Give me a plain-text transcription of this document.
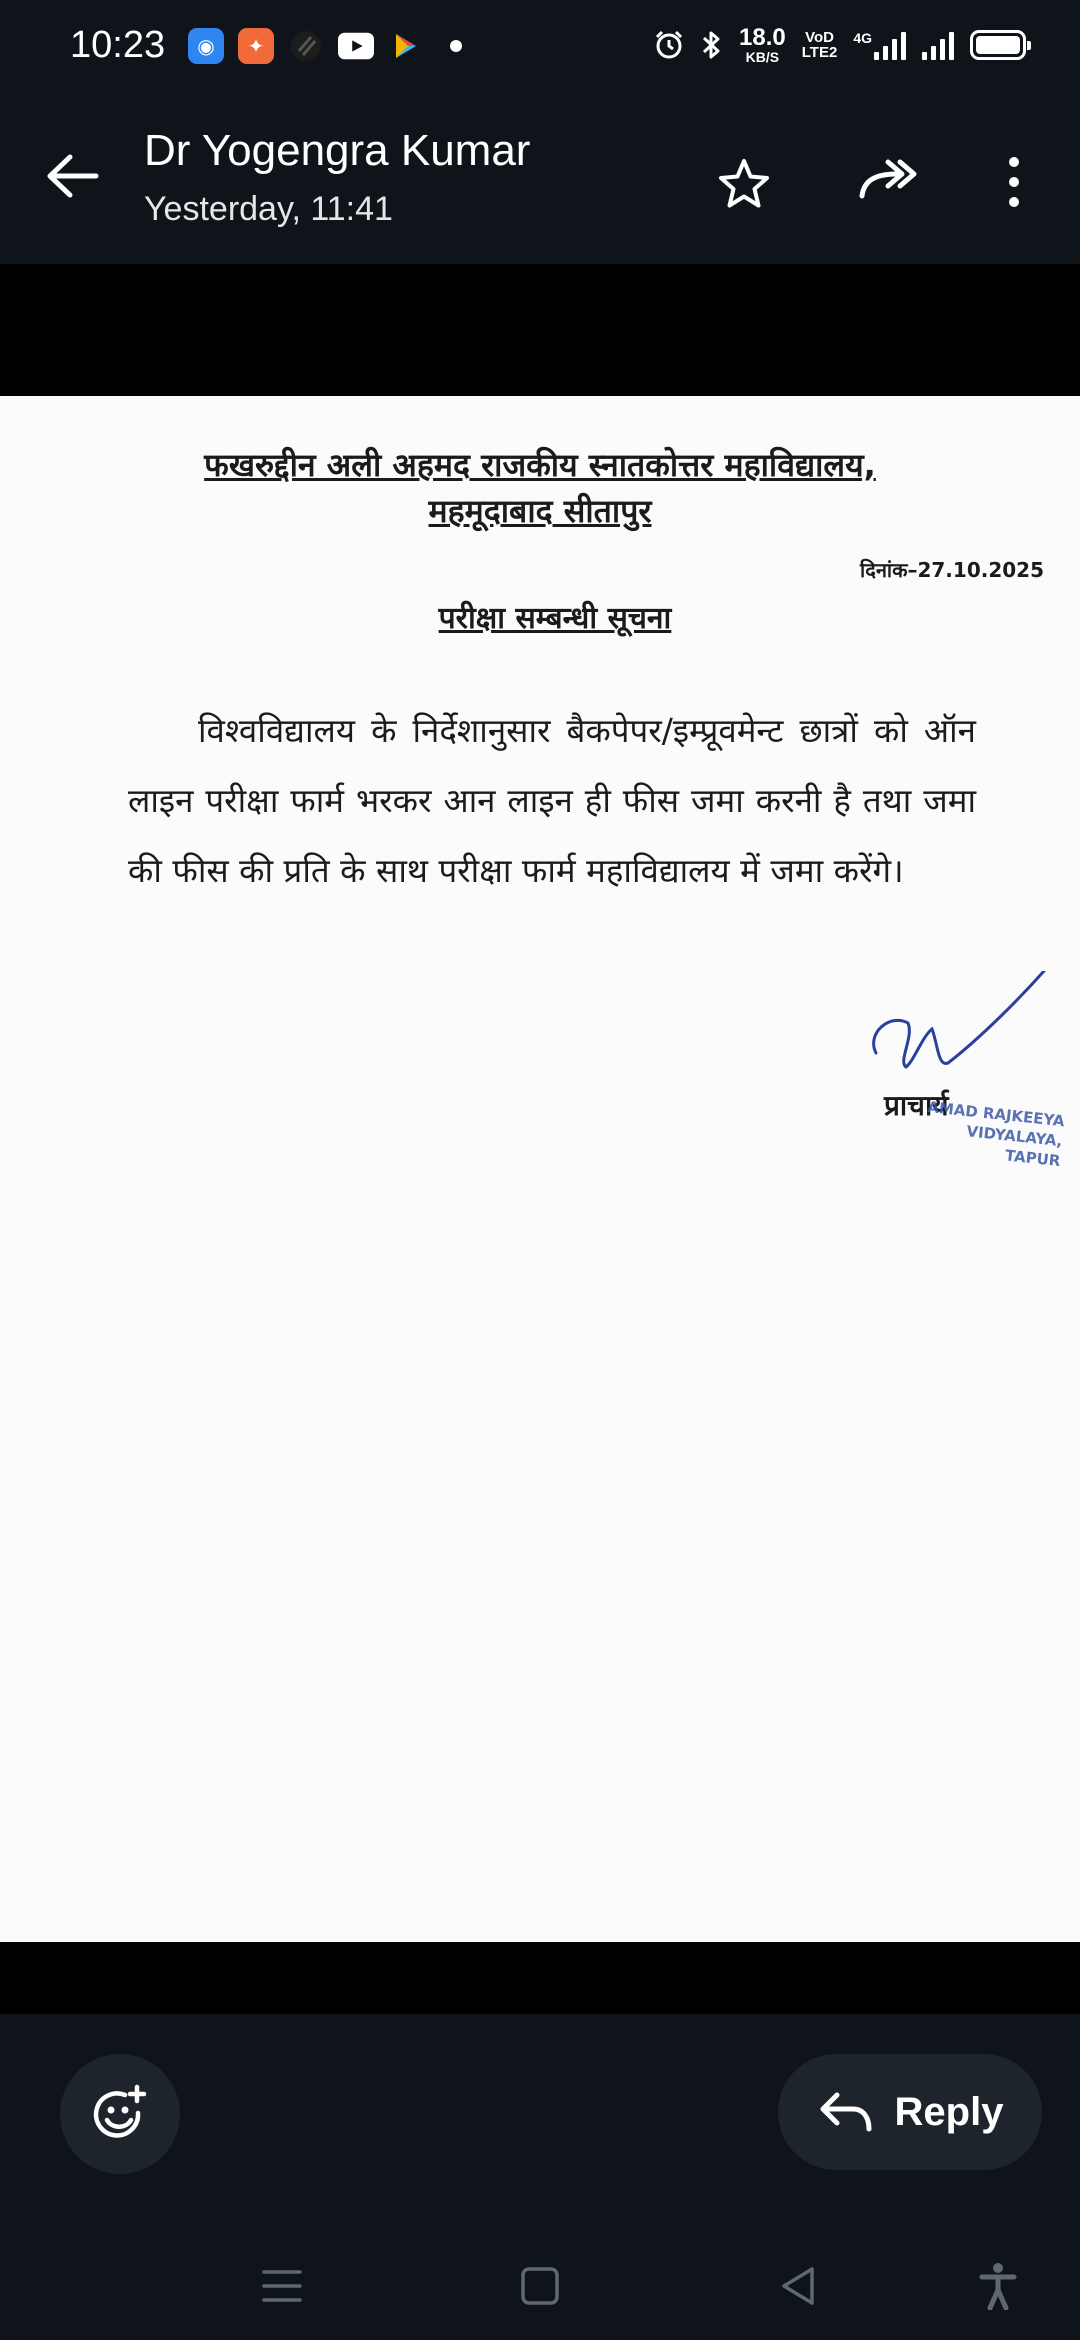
10:23	◉	✦	18.0
KB/S
VoD
LTE2
4G
Dr Yogengra Kumar
Yesterday, 11:41
फखरुद्दीन अली अहमद राजकीय स्नातकोत्तर महाविद्यालय,
महमूदाबाद सीतापुर
दिनांक–27.10.2025
परीक्षा सम्बन्धी सूचना
विश्वविद्यालय के निर्देशानुसार बैकपेपर/इम्प्रूवमेन्ट छात्रों को ऑन लाइन परीक्षा फार्म भरकर आन लाइन ही फीस जमा करनी है तथा जमा की फीस की प्रति के साथ परीक्षा फार्म महाविद्यालय में जमा करेंगे।
प्राचार्य
AMAD RAJKEEYA
VIDYALAYA,
TAPUR
Reply
